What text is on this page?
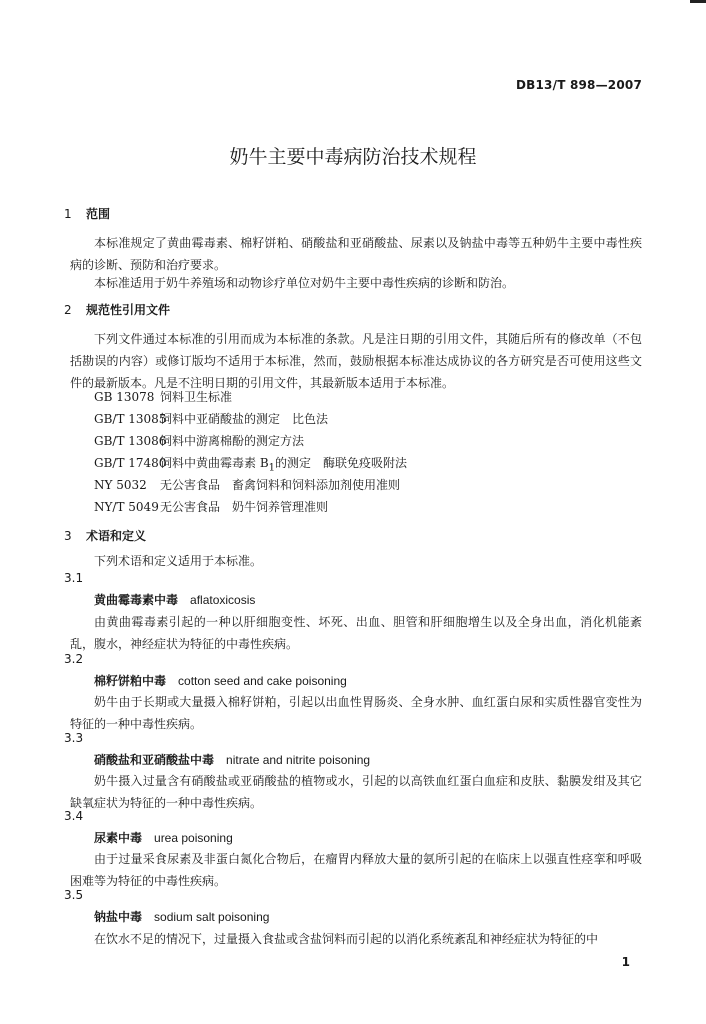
DB13/T 898—2007
奶牛主要中毒病防治技术规程
1 范围
本标准规定了黄曲霉毒素、棉籽饼粕、硝酸盐和亚硝酸盐、尿素以及钠盐中毒等五种奶牛主要中毒性疾病的诊断、预防和治疗要求。
本标准适用于奶牛养殖场和动物诊疗单位对奶牛主要中毒性疾病的诊断和防治。
2 规范性引用文件
下列文件通过本标准的引用而成为本标准的条款。凡是注日期的引用文件，其随后所有的修改单（不包括勘误的内容）或修订版均不适用于本标准，然而，鼓励根据本标准达成协议的各方研究是否可使用这些文件的最新版本。凡是不注明日期的引用文件，其最新版本适用于本标准。
GB 13078 饲料卫生标准
GB/T 13085饲料中亚硝酸盐的测定　比色法
GB/T 13086饲料中游离棉酚的测定方法
GB/T 17480饲料中黄曲霉毒素 $B_1$的测定　酶联免疫吸附法
NY 5032 无公害食品　畜禽饲料和饲料添加剂使用准则
NY/T 5049无公害食品　奶牛饲养管理准则
3 术语和定义
下列术语和定义适用于本标准。
3.1
黄曲霉毒素中毒 aflatoxicosis
由黄曲霉毒素引起的一种以肝细胞变性、坏死、出血、胆管和肝细胞增生以及全身出血，消化机能紊乱，腹水，神经症状为特征的中毒性疾病。
3.2
棉籽饼粕中毒 cotton seed and cake poisoning
奶牛由于长期或大量摄入棉籽饼粕，引起以出血性胃肠炎、全身水肿、血红蛋白尿和实质性器官变性为特征的一种中毒性疾病。
3.3
硝酸盐和亚硝酸盐中毒 nitrate and nitrite poisoning
奶牛摄入过量含有硝酸盐或亚硝酸盐的植物或水，引起的以高铁血红蛋白血症和皮肤、黏膜发绀及其它缺氧症状为特征的一种中毒性疾病。
3.4
尿素中毒 urea poisoning
由于过量采食尿素及非蛋白氮化合物后，在瘤胃内释放大量的氨所引起的在临床上以强直性痉挛和呼吸困难等为特征的中毒性疾病。
3.5
钠盐中毒 sodium salt poisoning
在饮水不足的情况下，过量摄入食盐或含盐饲料而引起的以消化系统紊乱和神经症状为特征的中
1
